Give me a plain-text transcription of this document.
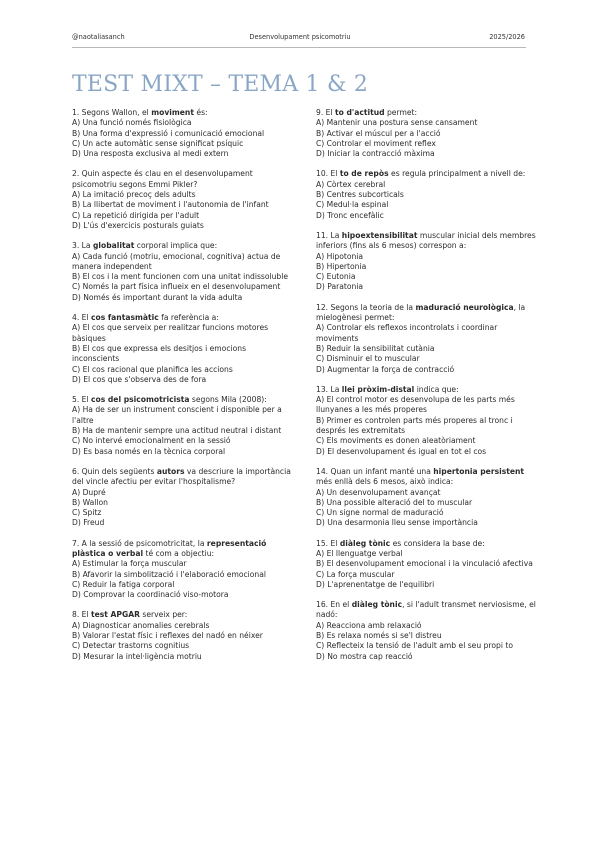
@naotaliasanch	Desenvolupament psicomotriu	2025/2026
TEST MIXT – TEMA 1 & 2

1. Segons Wallon, el moviment és:

A) Una funció només fisiològica
B) Una forma d'expressió i comunicació emocional
C) Un acte automàtic sense significat psíquic
D) Una resposta exclusiva al medi extern

2. Quin aspecte és clau en el desenvolupament psicomotriu segons Emmi Pikler?

A) La imitació precoç dels adults
B) La llibertat de moviment i l'autonomia de l'infant
C) La repetició dirigida per l'adult
D) L'ús d'exercicis posturals guiats

3. La globalitat corporal implica que:

A) Cada funció (motriu, emocional, cognitiva) actua de manera independent
B) El cos i la ment funcionen com una unitat indissoluble
C) Només la part física influeix en el desenvolupament
D) Només és important durant la vida adulta

4. El cos fantasmàtic fa referència a:

A) El cos que serveix per realitzar funcions motores bàsiques
B) El cos que expressa els desitjos i emocions inconscients
C) El cos racional que planifica les accions
D) El cos que s'observa des de fora

5. El cos del psicomotricista segons Mila (2008):

A) Ha de ser un instrument conscient i disponible per a l'altre
B) Ha de mantenir sempre una actitud neutral i distant
C) No intervé emocionalment en la sessió
D) Es basa només en la tècnica corporal

6. Quin dels següents autors va descriure la importància del vincle afectiu per evitar l'hospitalisme?

A) Dupré
B) Wallon
C) Spitz
D) Freud

7. A la sessió de psicomotricitat, la representació plàstica o verbal té com a objectiu:

A) Estimular la força muscular
B) Afavorir la simbolització i l'elaboració emocional
C) Reduir la fatiga corporal
D) Comprovar la coordinació viso-motora

8. El test APGAR serveix per:

A) Diagnosticar anomalies cerebrals
B) Valorar l'estat físic i reflexes del nadó en néixer
C) Detectar trastorns cognitius
D) Mesurar la intel·ligència motriu

9. El to d'actitud permet:

A) Mantenir una postura sense cansament
B) Activar el múscul per a l'acció
C) Controlar el moviment reflex
D) Iniciar la contracció màxima

10. El to de repòs es regula principalment a nivell de:

A) Còrtex cerebral
B) Centres subcorticals
C) Medul·la espinal
D) Tronc encefàlic

11. La hipoextensibilitat muscular inicial dels membres inferiors (fins als 6 mesos) correspon a:

A) Hipotonia
B) Hipertonia
C) Eutonia
D) Paratonia

12. Segons la teoria de la maduració neurològica, la mielogènesi permet:

A) Controlar els reflexos incontrolats i coordinar moviments
B) Reduir la sensibilitat cutània
C) Disminuir el to muscular
D) Augmentar la força de contracció

13. La llei pròxim-distal indica que:

A) El control motor es desenvolupa de les parts més llunyanes a les més properes
B) Primer es controlen parts més properes al tronc i després les extremitats
C) Els moviments es donen aleatòriament
D) El desenvolupament és igual en tot el cos

14. Quan un infant manté una hipertonia persistent més enllà dels 6 mesos, això indica:

A) Un desenvolupament avançat
B) Una possible alteració del to muscular
C) Un signe normal de maduració
D) Una desarmonia lleu sense importància

15. El diàleg tònic es considera la base de:

A) El llenguatge verbal
B) El desenvolupament emocional i la vinculació afectiva
C) La força muscular
D) L'aprenentatge de l'equilibri

16. En el diàleg tònic, si l'adult transmet nerviosisme, el nadó:

A) Reacciona amb relaxació
B) Es relaxa només si se'l distreu
C) Reflecteix la tensió de l'adult amb el seu propi to
D) No mostra cap reacció
